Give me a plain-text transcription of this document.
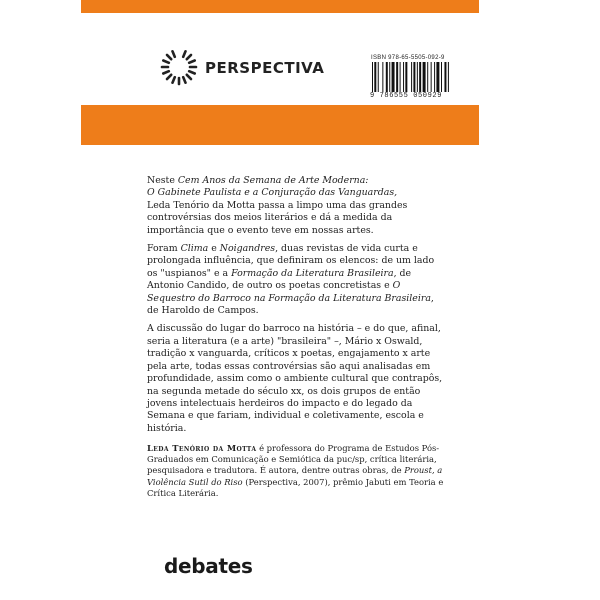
PERSPECTIVA
ISBN 978-65-5505-092-9
9 786555 050929

Neste Cem Anos da Semana de Arte Moderna:
O Gabinete Paulista e a Conjuração das Vanguardas,
Leda Tenório da Motta passa a limpo uma das grandes controvérsias dos meios literários e dá a medida da importância que o evento teve em nossas artes.

Foram Clima e Noigandres, duas revistas de vida curta e prolongada influência, que definiram os elencos: de um lado os "uspianos" e a Formação da Literatura Brasileira, de Antonio Candido, de outro os poetas concretistas e O Sequestro do Barroco na Formação da Literatura Brasileira, de Haroldo de Campos.

A discussão do lugar do barroco na história – e do que, afinal, seria a literatura (e a arte) "brasileira" –, Mário x Oswald, tradição x vanguarda, críticos x poetas, engajamento x arte pela arte, todas essas controvérsias são aqui analisadas em profundidade, assim como o ambiente cultural que contrapôs, na segunda metade do século xx, os dois grupos de então jovens intelectuais herdeiros do impacto e do legado da Semana e que fariam, individual e coletivamente, escola e história.

Leda Tenório da Motta é professora do Programa de Estudos Pós-Graduados em Comunicação e Semiótica da puc/sp, crítica literária, pesquisadora e tradutora. É autora, dentre outras obras, de Proust, a Violência Sutil do Riso (Perspectiva, 2007), prêmio Jabuti em Teoria e Crítica Literária.

debates
